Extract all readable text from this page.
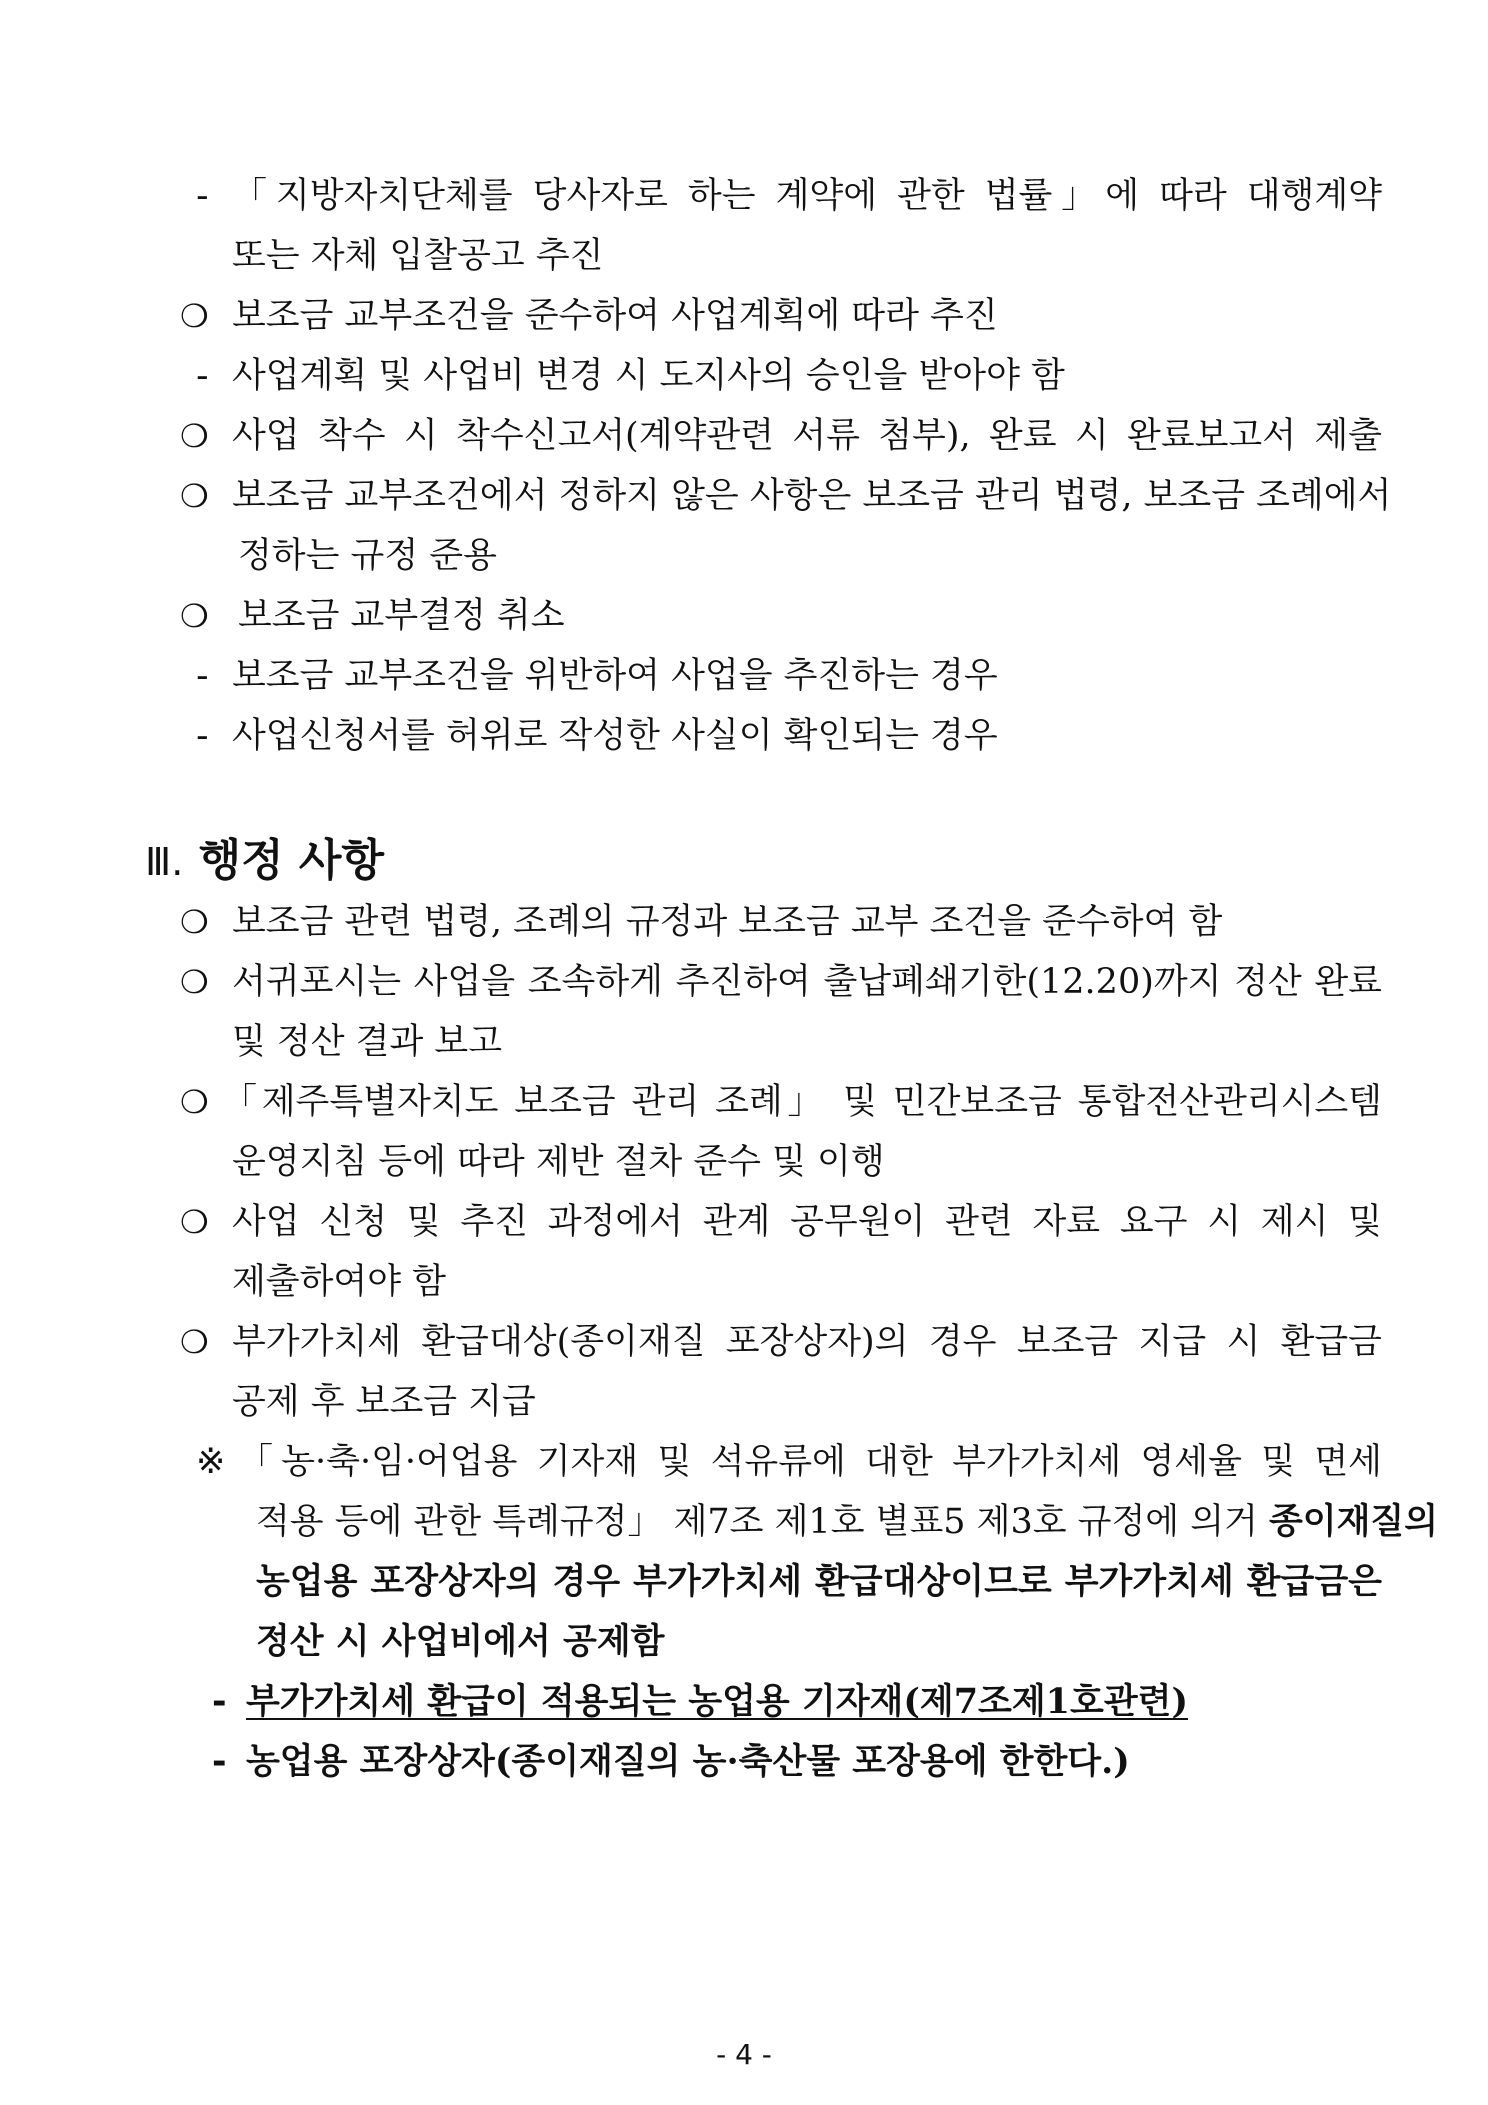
- 「지방자치단체를 당사자로 하는 계약에 관한 법률」에 따라 대행계약
또는 자체 입찰공고 추진
❍ 보조금 교부조건을 준수하여 사업계획에 따라 추진
- 사업계획 및 사업비 변경 시 도지사의 승인을 받아야 함
❍ 사업 착수 시 착수신고서(계약관련 서류 첨부), 완료 시 완료보고서 제출
❍ 보조금 교부조건에서 정하지 않은 사항은 보조금 관리 법령, 보조금 조례에서
정하는 규정 준용
❍ 보조금 교부결정 취소
- 보조금 교부조건을 위반하여 사업을 추진하는 경우
- 사업신청서를 허위로 작성한 사실이 확인되는 경우
Ⅲ. 행정 사항
❍ 보조금 관련 법령, 조례의 규정과 보조금 교부 조건을 준수하여 함
❍ 서귀포시는 사업을 조속하게 추진하여 출납폐쇄기한(12.20)까지 정산 완료
및 정산 결과 보고
❍ 「제주특별자치도 보조금 관리 조례」 및 민간보조금 통합전산관리시스템
운영지침 등에 따라 제반 절차 준수 및 이행
❍ 사업 신청 및 추진 과정에서 관계 공무원이 관련 자료 요구 시 제시 및
제출하여야 함
❍ 부가가치세 환급대상(종이재질 포장상자)의 경우 보조금 지급 시 환급금
공제 후 보조금 지급
※ 「농·축·임·어업용 기자재 및 석유류에 대한 부가가치세 영세율 및 면세
적용 등에 관한 특례규정」 제7조 제1호 별표5 제3호 규정에 의거 종이재질의
농업용 포장상자의 경우 부가가치세 환급대상이므로 부가가치세 환급금은
정산 시 사업비에서 공제함
- 부가가치세 환급이 적용되는 농업용 기자재(제7조제1호관련)
- 농업용 포장상자(종이재질의 농·축산물 포장용에 한한다.)
- 4 -
